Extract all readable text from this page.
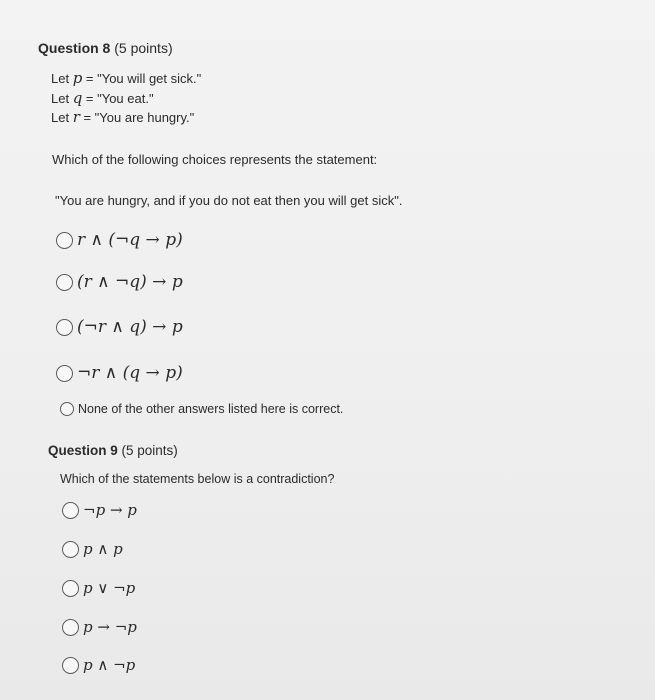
Question 8 (5 points)
Let p = "You will get sick."
Let q = "You eat."
Let r = "You are hungry."
Which of the following choices represents the statement:
"You are hungry, and if you do not eat then you will get sick".
r ∧ (¬q → p)
(r ∧ ¬q) → p
(¬r ∧ q) → p
¬r ∧ (q → p)
None of the other answers listed here is correct.
Question 9 (5 points)
Which of the statements below is a contradiction?
¬p → p
p ∧ p
p ∨ ¬p
p → ¬p
p ∧ ¬p
